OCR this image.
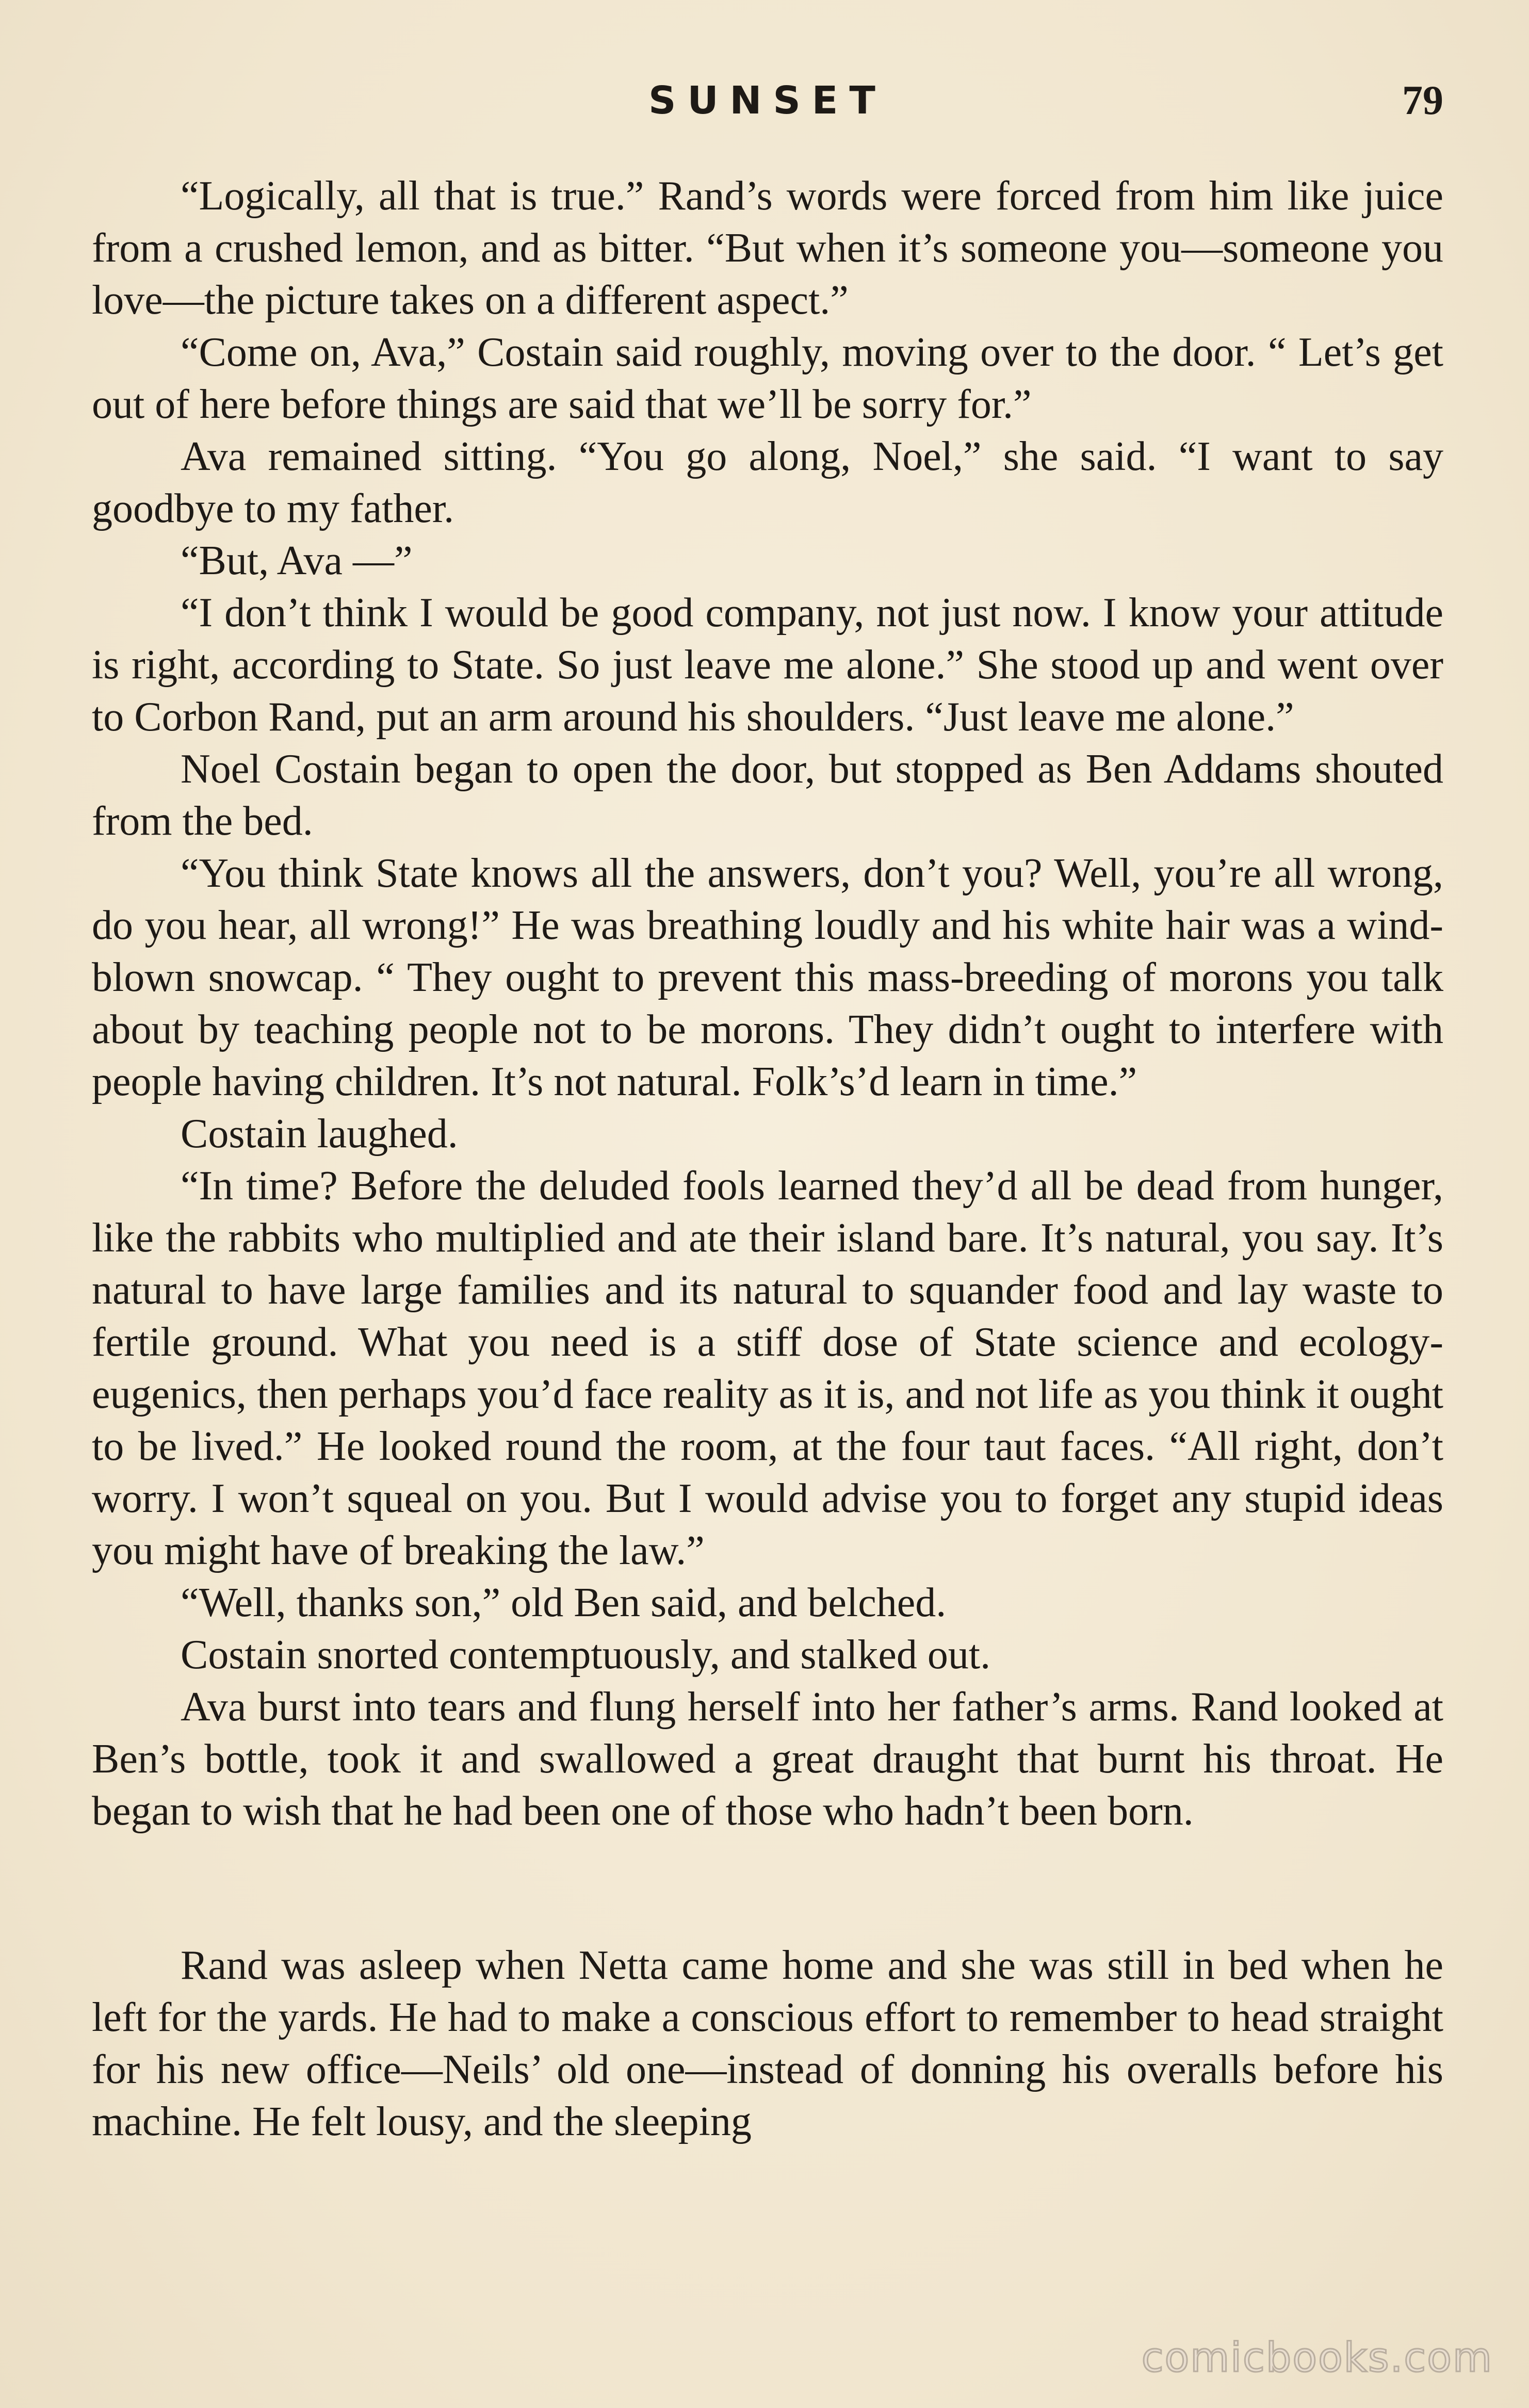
SUNSET	79

“Logically, all that is true.” Rand’s words were forced from him like juice from a crushed lemon, and as bitter. “But when it’s someone you—someone you love—the picture takes on a different aspect.”

“Come on, Ava,” Costain said roughly, moving over to the door. “ Let’s get out of here before things are said that we’ll be sorry for.”

Ava remained sitting. “You go along, Noel,” she said. “I want to say goodbye to my father.

“But, Ava —”

“I don’t think I would be good company, not just now. I know your attitude is right, according to State. So just leave me alone.” She stood up and went over to Corbon Rand, put an arm around his shoulders. “Just leave me alone.”

Noel Costain began to open the door, but stopped as Ben Addams shouted from the bed.

“You think State knows all the answers, don’t you? Well, you’re all wrong, do you hear, all wrong!” He was breathing loudly and his white hair was a wind-blown snowcap. “ They ought to prevent this mass-breeding of morons you talk about by teaching people not to be morons. They didn’t ought to interfere with people having children. It’s not natural. Folk’s’d learn in time.”

Costain laughed.

“In time? Before the deluded fools learned they’d all be dead from hunger, like the rabbits who multiplied and ate their island bare. It’s natural, you say. It’s natural to have large families and its natural to squander food and lay waste to fertile ground. What you need is a stiff dose of State science and ecology-eugenics, then perhaps you’d face reality as it is, and not life as you think it ought to be lived.” He looked round the room, at the four taut faces. “All right, don’t worry. I won’t squeal on you. But I would advise you to forget any stupid ideas you might have of breaking the law.”

“Well, thanks son,” old Ben said, and belched.

Costain snorted contemptuously, and stalked out.

Ava burst into tears and flung herself into her father’s arms. Rand looked at Ben’s bottle, took it and swallowed a great draught that burnt his throat. He began to wish that he had been one of those who hadn’t been born.

Rand was asleep when Netta came home and she was still in bed when he left for the yards. He had to make a conscious effort to remember to head straight for his new office—Neils’ old one—instead of donning his overalls before his machine. He felt lousy, and the sleeping

comicbooks.com
